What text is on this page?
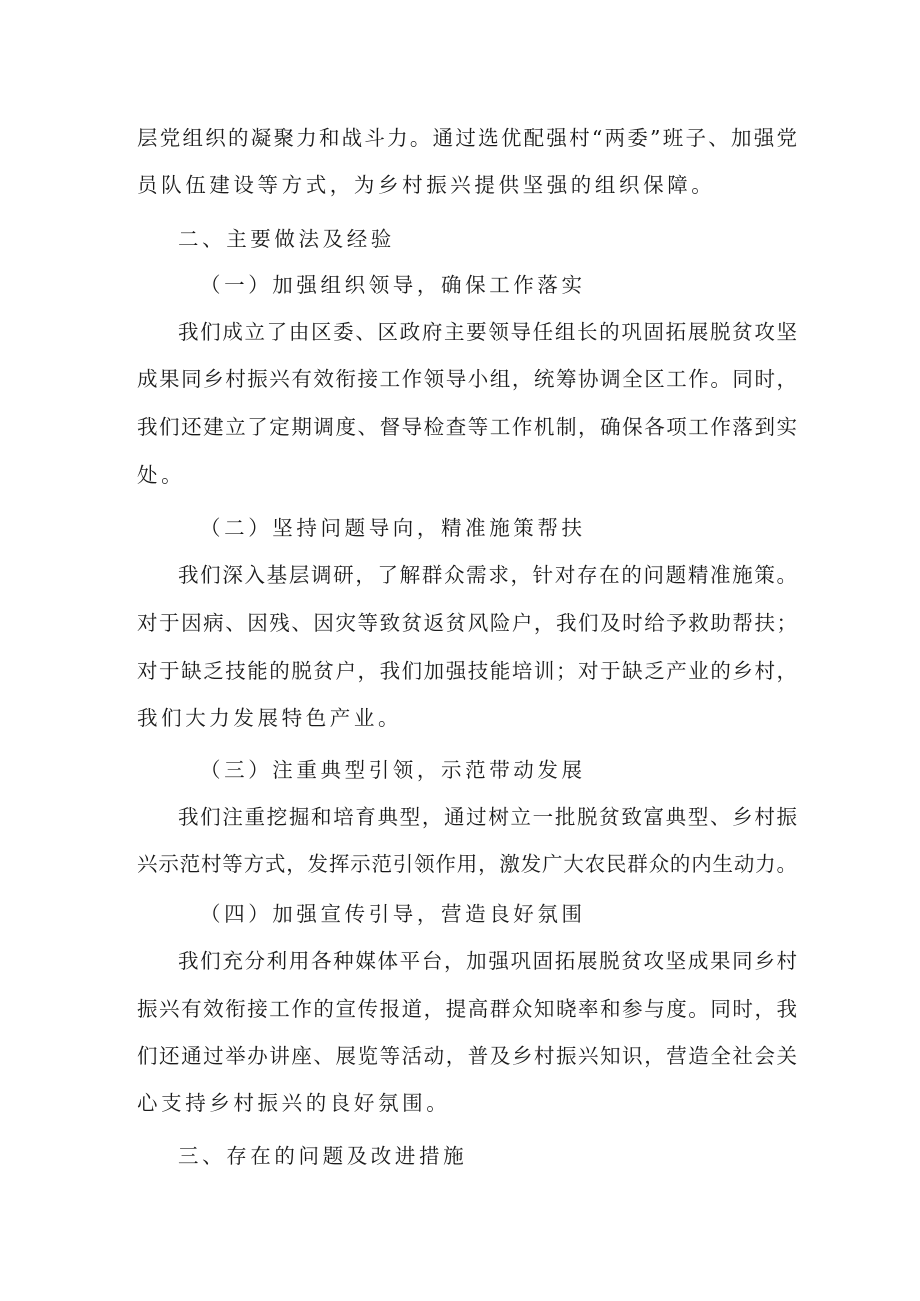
层党组织的凝聚力和战斗力。通过选优配强村“两委”班子、加强党
员队伍建设等方式，为乡村振兴提供坚强的组织保障。
二、主要做法及经验
（一）加强组织领导，确保工作落实
我们成立了由区委、区政府主要领导任组长的巩固拓展脱贫攻坚
成果同乡村振兴有效衔接工作领导小组，统筹协调全区工作。同时，
我们还建立了定期调度、督导检查等工作机制，确保各项工作落到实
处。
（二）坚持问题导向，精准施策帮扶
我们深入基层调研，了解群众需求，针对存在的问题精准施策。
对于因病、因残、因灾等致贫返贫风险户，我们及时给予救助帮扶；
对于缺乏技能的脱贫户，我们加强技能培训；对于缺乏产业的乡村，
我们大力发展特色产业。
（三）注重典型引领，示范带动发展
我们注重挖掘和培育典型，通过树立一批脱贫致富典型、乡村振
兴示范村等方式，发挥示范引领作用，激发广大农民群众的内生动力。
（四）加强宣传引导，营造良好氛围
我们充分利用各种媒体平台，加强巩固拓展脱贫攻坚成果同乡村
振兴有效衔接工作的宣传报道，提高群众知晓率和参与度。同时，我
们还通过举办讲座、展览等活动，普及乡村振兴知识，营造全社会关
心支持乡村振兴的良好氛围。
三、存在的问题及改进措施
